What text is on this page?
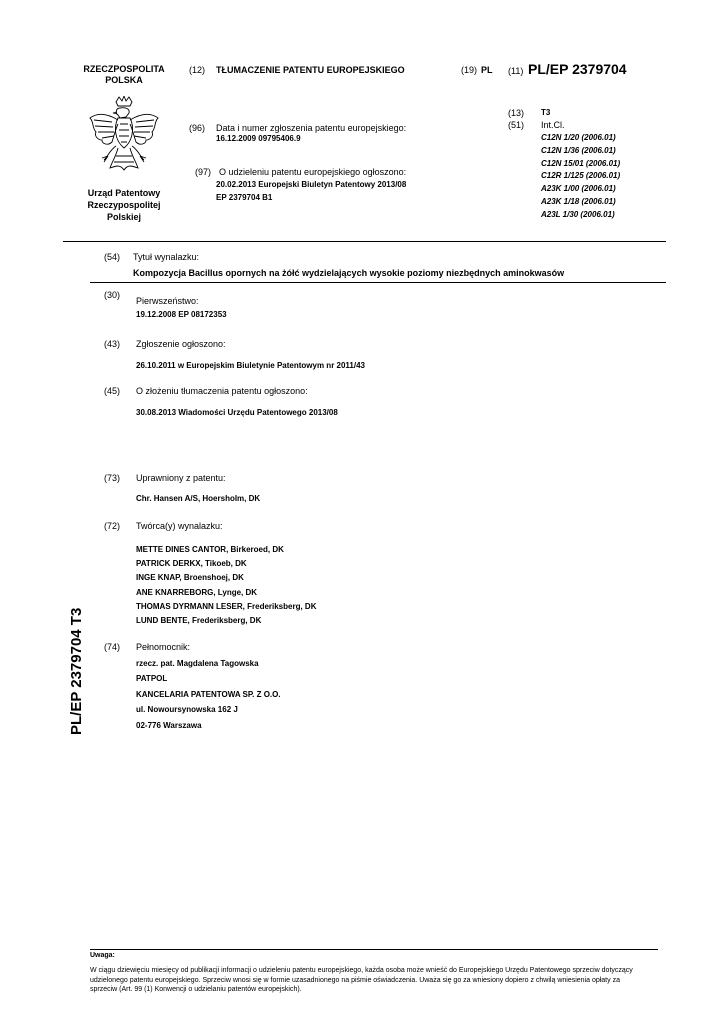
RZECZPOSPOLITA
POLSKA
Urząd Patentowy
Rzeczypospolitej
Polskiej
(12) TŁUMACZENIE PATENTU EUROPEJSKIEGO	(19) PL (11) PL/EP 2379704
(96) Data i numer zgłoszenia patentu europejskiego:
16.12.2009 09795406.9
(97) O udzieleniu patentu europejskiego ogłoszono:
20.02.2013 Europejski Biuletyn Patentowy 2013/08
EP 2379704 B1
(13) T3
(51) Int.Cl.
C12N 1/20 (2006.01)
C12N 1/36 (2006.01)
C12N 15/01 (2006.01)
C12R 1/125 (2006.01)
A23K 1/00 (2006.01)
A23K 1/18 (2006.01)
A23L 1/30 (2006.01)
(54) Tytuł wynalazku:
Kompozycja Bacillus opornych na żółć wydzielających wysokie poziomy niezbędnych aminokwasów
(30)
Pierwszeństwo:
19.12.2008 EP 08172353
(43) Zgłoszenie ogłoszono:
26.10.2011 w Europejskim Biuletynie Patentowym nr 2011/43
(45) O złożeniu tłumaczenia patentu ogłoszono:
30.08.2013 Wiadomości Urzędu Patentowego 2013/08
(73) Uprawniony z patentu:
Chr. Hansen A/S, Hoersholm, DK
(72) Twórca(y) wynalazku:
METTE DINES CANTOR, Birkeroed, DK
PATRICK DERKX, Tikoeb, DK
INGE KNAP, Broenshoej, DK
ANE KNARREBORG, Lynge, DK
THOMAS DYRMANN LESER, Frederiksberg, DK
LUND BENTE, Frederiksberg, DK
(74) Pełnomocnik:
rzecz. pat. Magdalena Tagowska
PATPOL
KANCELARIA PATENTOWA SP. Z O.O.
ul. Nowoursynowska 162 J
02-776 Warszawa
PL/EP 2379704 T3
Uwaga:
W ciągu dziewięciu miesięcy od publikacji informacji o udzieleniu patentu europejskiego, każda osoba może wnieść do Europejskiego Urzędu Patentowego sprzeciw dotyczący
udzielonego patentu europejskiego. Sprzeciw wnosi się w formie uzasadnionego na piśmie oświadczenia. Uważa się go za wniesiony dopiero z chwilą wniesienia opłaty za
sprzeciw (Art. 99 (1) Konwencji o udzielaniu patentów europejskich).
